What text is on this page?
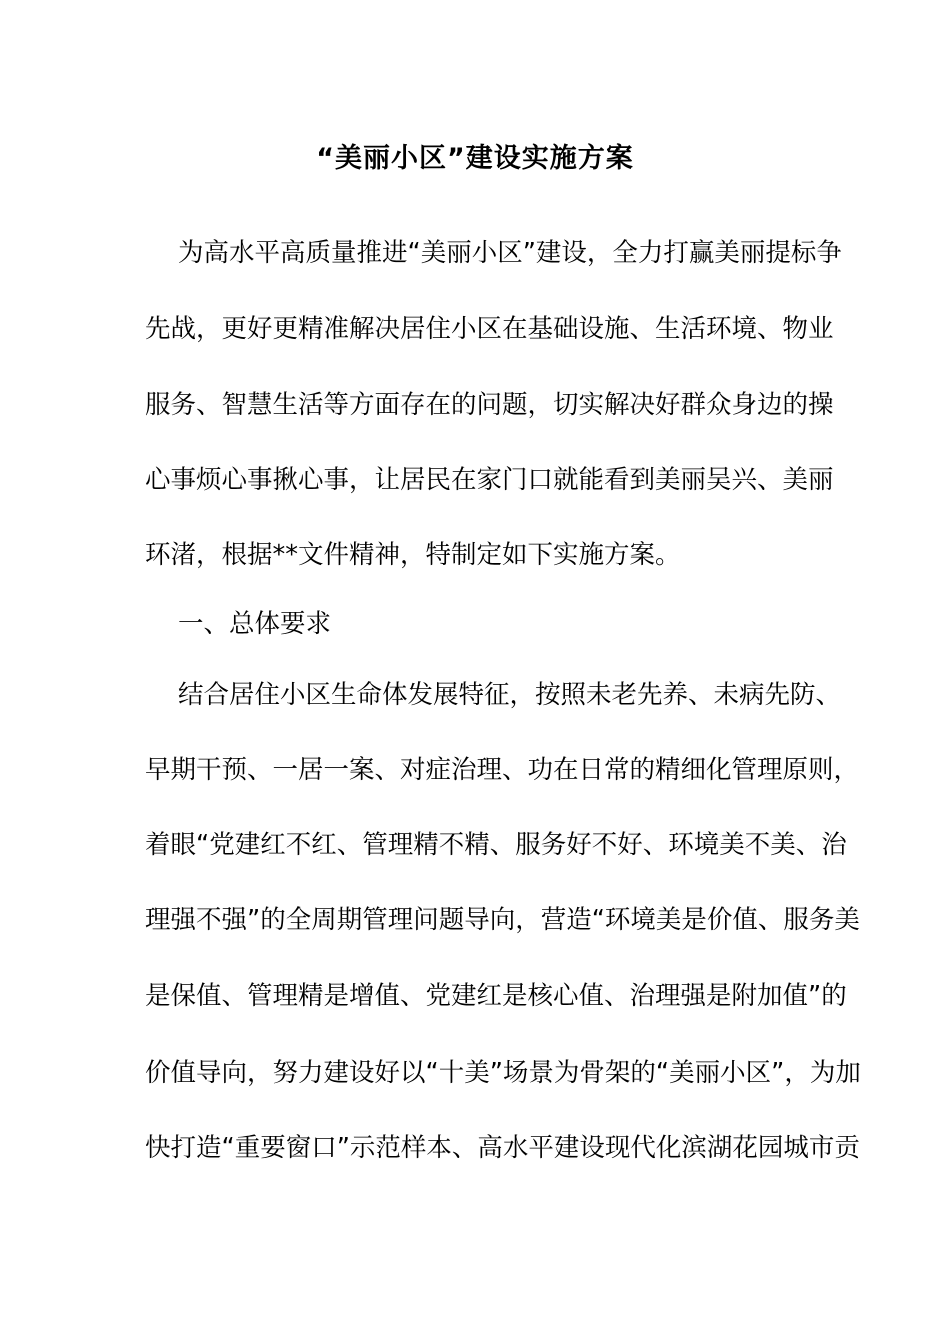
“美丽小区”建设实施方案
为高水平高质量推进“美丽小区”建设，全力打赢美丽提标争
先战，更好更精准解决居住小区在基础设施、生活环境、物业
服务、智慧生活等方面存在的问题，切实解决好群众身边的操
心事烦心事揪心事，让居民在家门口就能看到美丽吴兴、美丽
环渚，根据**文件精神，特制定如下实施方案。
一、总体要求
结合居住小区生命体发展特征，按照未老先养、未病先防、
早期干预、一居一案、对症治理、功在日常的精细化管理原则，
着眼“党建红不红、管理精不精、服务好不好、环境美不美、治
理强不强”的全周期管理问题导向，营造“环境美是价值、服务美
是保值、管理精是增值、党建红是核心值、治理强是附加值”的
价值导向，努力建设好以“十美”场景为骨架的“美丽小区”，为加
快打造“重要窗口”示范样本、高水平建设现代化滨湖花园城市贡
